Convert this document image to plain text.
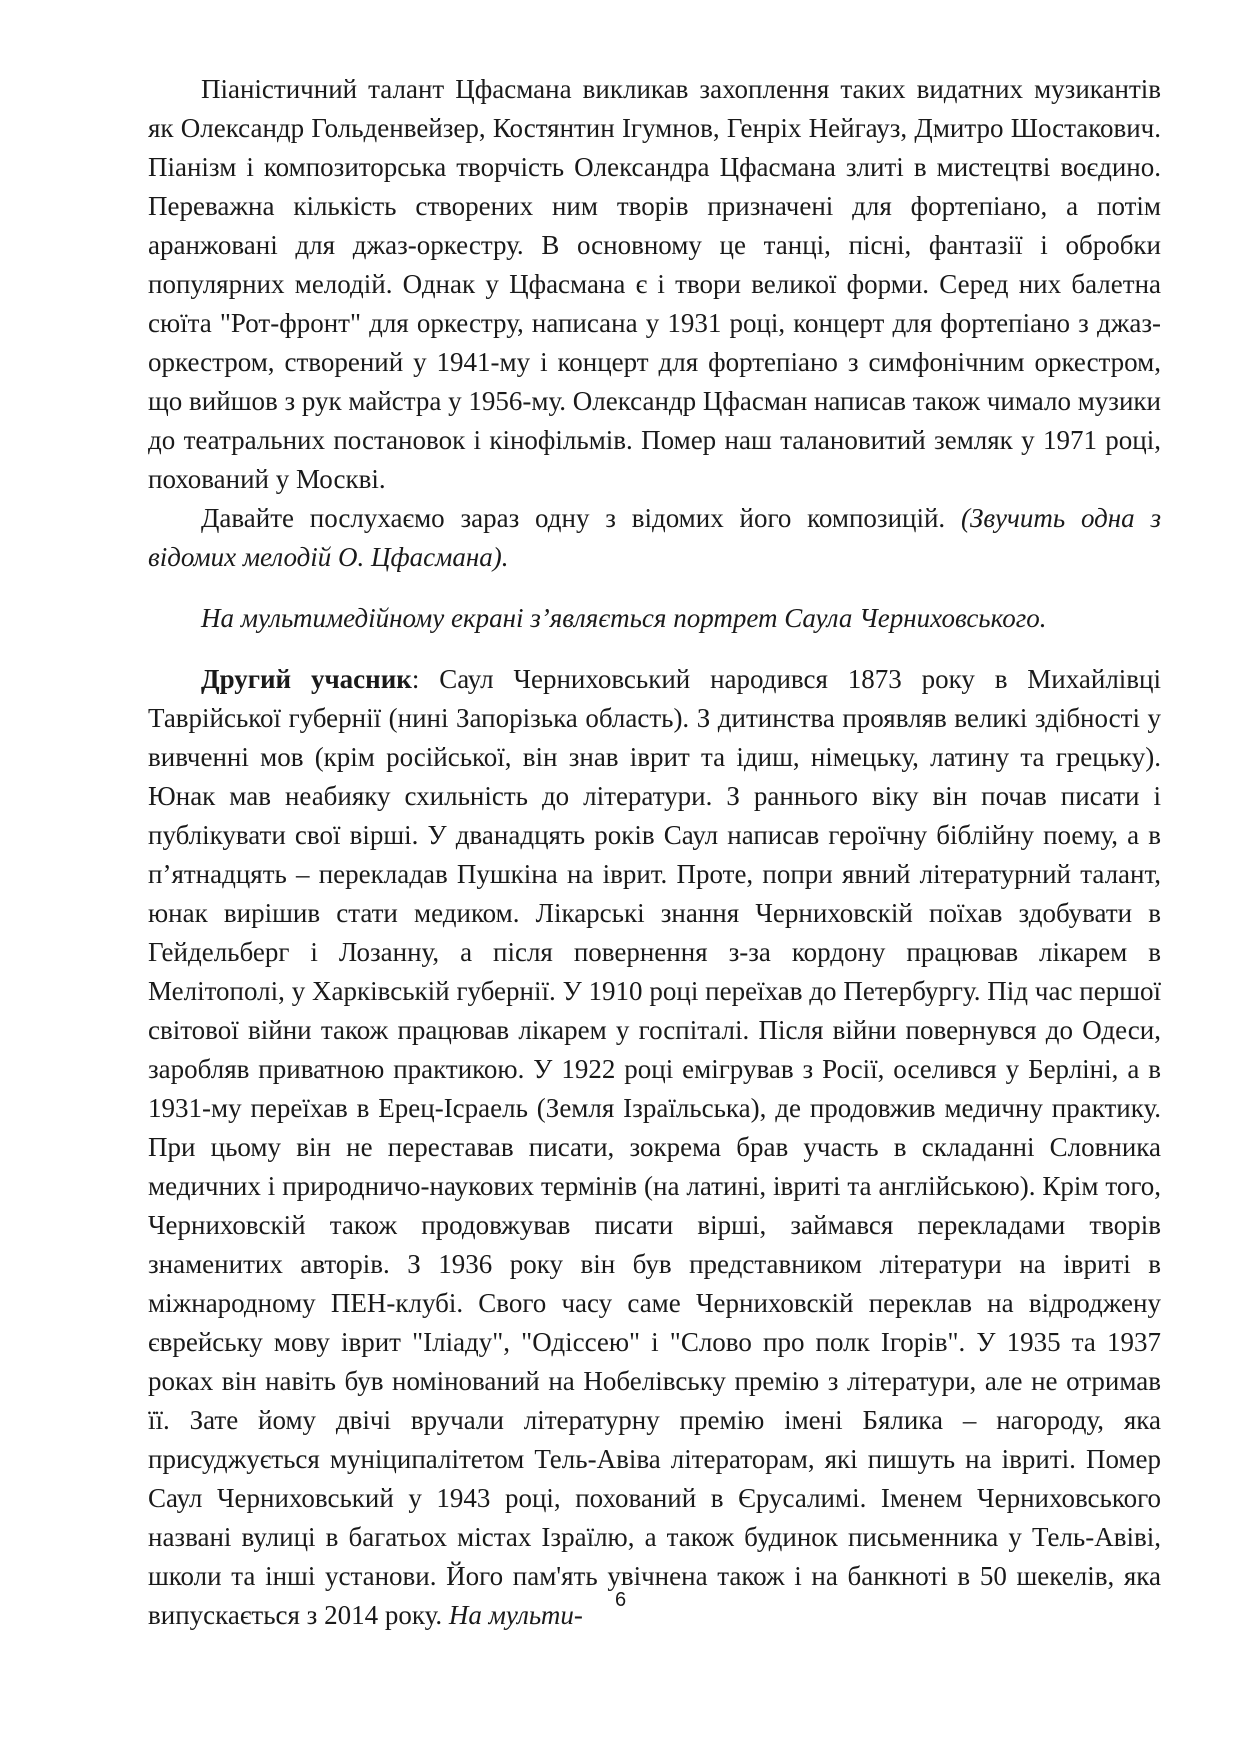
Піаністичний талант Цфасмана викликав захоплення таких видатних музикантів як Олександр Гольденвейзер, Костянтин Ігумнов, Генріх Нейгауз, Дмитро Шостакович. Піанізм і композиторська творчість Олександра Цфасмана злиті в мистецтві воєдино. Переважна кількість створених ним творів призначені для фортепіано, а потім аранжовані для джаз-оркестру. В основному це танці, пісні, фантазії і обробки популярних мелодій. Однак у Цфасмана є і твори великої форми. Серед них балетна сюїта "Рот-фронт" для оркестру, написана у 1931 році, концерт для фортепіано з джаз-оркестром, створений у 1941-му і концерт для фортепіано з симфонічним оркестром, що вийшов з рук майстра у 1956-му. Олександр Цфасман написав також чимало музики до театральних постановок і кінофільмів. Помер наш талановитий земляк у 1971 році, похований у Москві.

Давайте послухаємо зараз одну з відомих його композицій. (Звучить одна з відомих мелодій О. Цфасмана).

На мультимедійному екрані з’являється портрет Саула Черниховського.

Другий учасник: Саул Черниховський народився 1873 року в Михайлівці Таврійської губернії (нині Запорізька область). З дитинства проявляв великі здібності у вивченні мов (крім російської, він знав іврит та ідиш, німецьку, латину та грецьку). Юнак мав неабияку схильність до літератури. З раннього віку він почав писати і публікувати свої вірші. У дванадцять років Саул написав героїчну біблійну поему, а в п’ятнадцять – перекладав Пушкіна на іврит. Проте, попри явний літературний талант, юнак вирішив стати медиком. Лікарські знання Черниховскій поїхав здобувати в Гейдельберг і Лозанну, а після повернення з-за кордону працював лікарем в Мелітополі, у Харківській губернії. У 1910 році переїхав до Петербургу. Під час першої світової війни також працював лікарем у госпіталі. Після війни повернувся до Одеси, заробляв приватною практикою. У 1922 році емігрував з Росії, оселився у Берліні, а в 1931-му переїхав в Ерец-Ісраель (Земля Ізраїльська), де продовжив медичну практику. При цьому він не переставав писати, зокрема брав участь в складанні Словника медичних і природничо-наукових термінів (на латині, івриті та англійською). Крім того, Черниховскій також продовжував писати вірші, займався перекладами творів знаменитих авторів. З 1936 року він був представником літератури на івриті в міжнародному ПЕН-клубі. Свого часу саме Черниховскій переклав на відроджену єврейську мову іврит "Іліаду", "Одіссею" і "Слово про полк Ігорів". У 1935 та 1937 роках він навіть був номінований на Нобелівську премію з літератури, але не отримав її. Зате йому двічі вручали літературну премію імені Бялика – нагороду, яка присуджується муніципалітетом Тель-Авіва літераторам, які пишуть на івриті. Помер Саул Черниховський у 1943 році, похований в Єрусалимі. Іменем Черниховського названі вулиці в багатьох містах Ізраїлю, а також будинок письменника у Тель-Авіві, школи та інші установи. Його пам'ять увічнена також і на банкноті в 50 шекелів, яка випускається з 2014 року. На мульти-	6
